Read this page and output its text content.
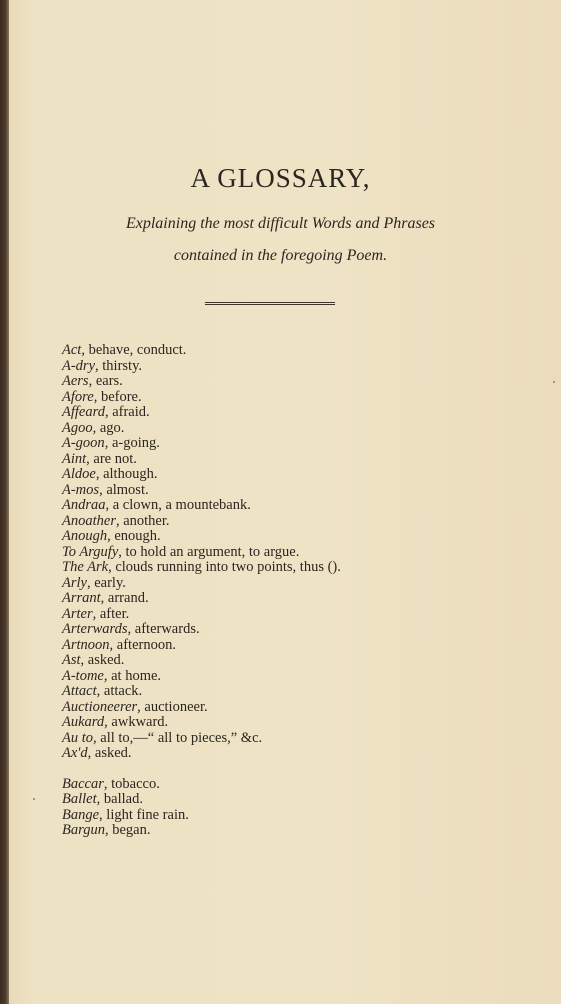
A GLOSSARY,

Explaining the most difficult Words and Phrases

contained in the foregoing Poem.

Act, behave, conduct.
A-dry, thirsty.
Aers, ears.
Afore, before.
Affeard, afraid.
Agoo, ago.
A-goon, a-going.
Aint, are not.
Aldoe, although.
A-mos, almost.
Andraa, a clown, a mountebank.
Anoather, another.
Anough, enough.
To Argufy, to hold an argument, to argue.
The Ark, clouds running into two points, thus ().
Arly, early.
Arrant, arrand.
Arter, after.
Arterwards, afterwards.
Artnoon, afternoon.
Ast, asked.
A-tome, at home.
Attact, attack.
Auctioneerer, auctioneer.
Aukard, awkward.
Au to, all to,—“ all to pieces,” &c.
Ax'd, asked.
Baccar, tobacco.
Ballet, ballad.
Bange, light fine rain.
Bargun, began.
